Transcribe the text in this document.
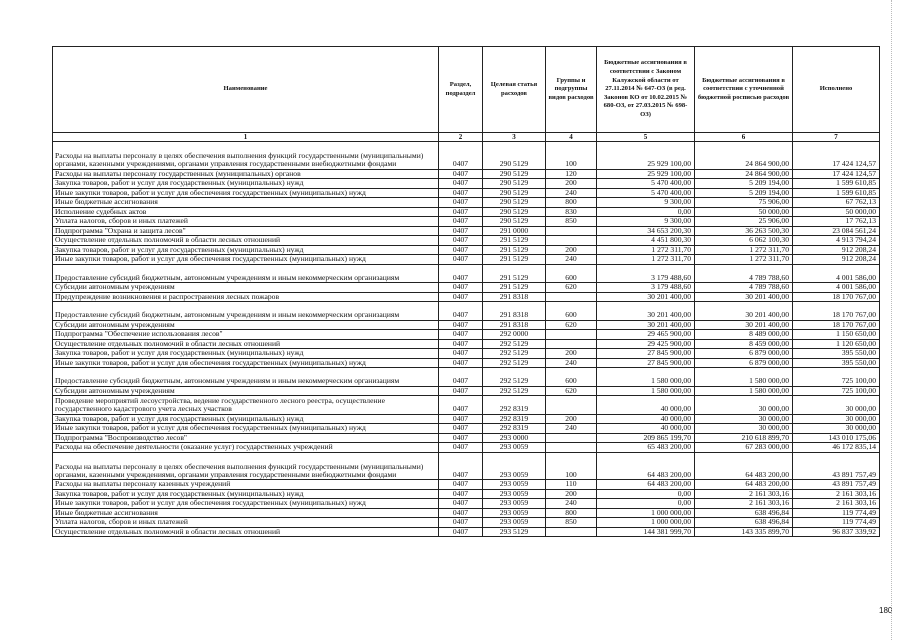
Наименование	Раздел, подраздел	Целевая статья расходов	Группы и подгруппы видов расходов	Бюджетные ассигнования в соответствии с Законом Калужской области от 27.11.2014 № 647-ОЗ (в ред. Законов КО от 10.02.2015 № 680-ОЗ, от 27.03.2015 № 698-ОЗ)	Бюджетные ассигнования в соответствии с уточненной бюджетной росписью расходов	Исполнено
1	2	3	4	5	6	7
Расходы на выплаты персоналу в целях обеспечения выполнения функций государственными (муниципальными) органами, казенными учреждениями, органами управления государственными внебюджетными фондами	0407	290 5129	100	25 929 100,00	24 864 900,00	17 424 124,57
Расходы на выплаты персоналу государственных (муниципальных) органов	0407	290 5129	120	25 929 100,00	24 864 900,00	17 424 124,57
Закупка товаров, работ и услуг для государственных (муниципальных) нужд	0407	290 5129	200	5 470 400,00	5 209 194,00	1 599 610,85
Иные закупки товаров, работ и услуг для обеспечения государственных (муниципальных) нужд	0407	290 5129	240	5 470 400,00	5 209 194,00	1 599 610,85
Иные бюджетные ассигнования	0407	290 5129	800	9 300,00	75 906,00	67 762,13
Исполнение судебных актов	0407	290 5129	830	0,00	50 000,00	50 000,00
Уплата налогов, сборов и иных платежей	0407	290 5129	850	9 300,00	25 906,00	17 762,13
Подпрограмма "Охрана и защита лесов"	0407	291 0000		34 653 200,30	36 263 500,30	23 084 561,24
Осуществление отдельных полномочий в области лесных отношений	0407	291 5129		4 451 800,30	6 062 100,30	4 913 794,24
Закупка товаров, работ и услуг для государственных (муниципальных) нужд	0407	291 5129	200	1 272 311,70	1 272 311,70	912 208,24
Иные закупки товаров, работ и услуг для обеспечения государственных (муниципальных) нужд	0407	291 5129	240	1 272 311,70	1 272 311,70	912 208,24
Предоставление субсидий бюджетным, автономным учреждениям и иным некоммерческим организациям	0407	291 5129	600	3 179 488,60	4 789 788,60	4 001 586,00
Субсидии автономным учреждениям	0407	291 5129	620	3 179 488,60	4 789 788,60	4 001 586,00
Предупреждение возникновения и распространения лесных пожаров	0407	291 8318		30 201 400,00	30 201 400,00	18 170 767,00
Предоставление субсидий бюджетным, автономным учреждениям и иным некоммерческим организациям	0407	291 8318	600	30 201 400,00	30 201 400,00	18 170 767,00
Субсидии автономным учреждениям	0407	291 8318	620	30 201 400,00	30 201 400,00	18 170 767,00
Подпрограмма "Обеспечение использования лесов"	0407	292 0000		29 465 900,00	8 489 000,00	1 150 650,00
Осуществление отдельных полномочий в области лесных отношений	0407	292 5129		29 425 900,00	8 459 000,00	1 120 650,00
Закупка товаров, работ и услуг для государственных (муниципальных) нужд	0407	292 5129	200	27 845 900,00	6 879 000,00	395 550,00
Иные закупки товаров, работ и услуг для обеспечения государственных (муниципальных) нужд	0407	292 5129	240	27 845 900,00	6 879 000,00	395 550,00
Предоставление субсидий бюджетным, автономным учреждениям и иным некоммерческим организациям	0407	292 5129	600	1 580 000,00	1 580 000,00	725 100,00
Субсидии автономным учреждениям	0407	292 5129	620	1 580 000,00	1 580 000,00	725 100,00
Проведение мероприятий лесоустройства, ведение государственного лесного реестра, осуществление государственного кадастрового учета лесных участков	0407	292 8319		40 000,00	30 000,00	30 000,00
Закупка товаров, работ и услуг для государственных (муниципальных) нужд	0407	292 8319	200	40 000,00	30 000,00	30 000,00
Иные закупки товаров, работ и услуг для обеспечения государственных (муниципальных) нужд	0407	292 8319	240	40 000,00	30 000,00	30 000,00
Подпрограмма "Воспроизводство лесов"	0407	293 0000		209 865 199,70	210 618 899,70	143 010 175,06
Расходы на обеспечение деятельности (оказание услуг) государственных учреждений	0407	293 0059		65 483 200,00	67 283 000,00	46 172 835,14
Расходы на выплаты персоналу в целях обеспечения выполнения функций государственными (муниципальными) органами, казенными учреждениями, органами управления государственными внебюджетными фондами	0407	293 0059	100	64 483 200,00	64 483 200,00	43 891 757,49
Расходы на выплаты персоналу казенных учреждений	0407	293 0059	110	64 483 200,00	64 483 200,00	43 891 757,49
Закупка товаров, работ и услуг для государственных (муниципальных) нужд	0407	293 0059	200	0,00	2 161 303,16	2 161 303,16
Иные закупки товаров, работ и услуг для обеспечения государственных (муниципальных) нужд	0407	293 0059	240	0,00	2 161 303,16	2 161 303,16
Иные бюджетные ассигнования	0407	293 0059	800	1 000 000,00	638 496,84	119 774,49
Уплата налогов, сборов и иных платежей	0407	293 0059	850	1 000 000,00	638 496,84	119 774,49
Осуществление отдельных полномочий в области лесных отношений	0407	293 5129		144 381 999,70	143 335 899,70	96 837 339,92
180
